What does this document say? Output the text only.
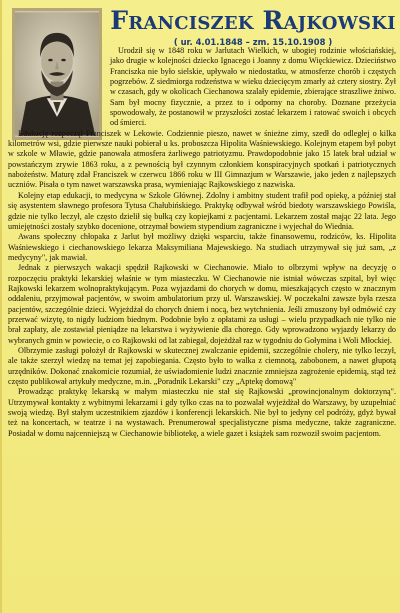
Franciszek Rajkowski
( ur. 4.01.1848 – zm. 15.10.1908 )

Urodził się w 1848 roku w Jarlutach Wielkich, w ubogiej rodzinie włościańskiej, jako drugie w kolejności dziecko Ignacego i Joanny z domu Więckiewicz. Dzieciństwo Franciszka nie było sielskie, upływało w niedostatku, w atmosferze chorób i częstych pogrzebów. Z siedmiorga rodzeństwa w wieku dziecięcym zmarły aż cztery siostry. Żył w czasach, gdy w okolicach Ciechanowa szalały epidemie, zbierające straszliwe żniwo. Sam był mocny fizycznie, a przez to i odporny na choroby. Doznane przeżycia spowodowały, że postanowił w przyszłości zostać lekarzem i ratować swoich i obcych od śmierci.

Edukację rozpoczął Franciszek w Lekowie. Codziennie pieszo, nawet w śnieżne zimy, szedł do odległej o kilka kilometrów wsi, gdzie pierwsze nauki pobierał u ks. proboszcza Hipolita Waśniewskiego. Kolejnym etapem był pobyt w szkole w Mławie, gdzie panowała atmosfera żarliwego patriotyzmu. Prawdopodobnie jako 15 latek brał udział w powstańczym zrywie 1863 roku, a z pewnością był czynnym członkiem konspiracyjnych spotkań i patriotycznych nabożeństw. Maturę zdał Franciszek w czerwcu 1866 roku w III Gimnazjum w Warszawie, jako jeden z najlepszych uczniów. Pisała o tym nawet warszawska prasa, wymieniając Rajkowskiego z nazwiska.

Kolejny etap edukacji, to medycyna w Szkole Głównej. Zdolny i ambitny student trafił pod opiekę, a później stał się asystentem sławnego profesora Tytusa Chałubińskiego. Praktykę odbywał wśród biedoty warszawskiego Powiśla, gdzie nie tylko leczył, ale często dzielił się bułką czy kopiejkami z pacjentami. Lekarzem został mając 22 lata. Jego umiejętności zostały szybko docenione, otrzymał bowiem stypendium zagraniczne i wyjechał do Wiednia.

Awans społeczny chłopaka z Jarlut był możliwy dzięki wsparciu, także finansowemu, rodziców, ks. Hipolita Waśniewskiego i ciechanowskiego lekarza Maksymiliana Majewskiego. Na studiach utrzymywał się już sam, „z medycyny", jak mawiał.

Jednak z pierwszych wakacji spędził Rajkowski w Ciechanowie. Miało to olbrzymi wpływ na decyzję o rozpoczęciu praktyki lekarskiej właśnie w tym miasteczku. W Ciechanowie nie istniał wówczas szpital, był więc Rajkowski lekarzem wolnopraktykującym. Poza wyjazdami do chorych w domu, mieszkających często w znacznym oddaleniu, przyjmował pacjentów, w swoim ambulatorium przy ul. Warszawskiej. W poczekalni zawsze była rzesza pacjentów, szczególnie dzieci. Wyjeżdżał do chorych dniem i nocą, bez wytchnienia. Jeśli zmuszony był odmówić czy przerwać wizytę, to nigdy ludziom biednym. Podobnie było z opłatami za usługi – wielu przypadkach nie tylko nie brał zapłaty, ale zostawiał pieniądze na lekarstwa i wyżywienie dla chorego. Gdy wprowadzono wyjazdy lekarzy do wybranych gmin w powiecie, o co Rajkowski od lat zabiegał, dojeżdżał raz w tygodniu do Gołymina i Woli Młockiej.

Olbrzymie zasługi położył dr Rajkowski w skutecznej zwalczanie epidemii, szczególnie cholery, nie tylko leczył, ale także szerzył wiedzę na temat jej zapobiegania. Często było to walka z ciemnotą, zabobonem, a nawet głupotą urzędników. Dokonać znakomicie rozumiał, że uświadomienie ludzi znacznie zmniejsza zagrożenie epidemią, stąd też często publikował artykuły medyczne, m.in. „Poradnik Lekarski" czy „Aptekę domową"

Prowadząc praktykę lekarską w małym miasteczku nie stał się Rajkowski „prowincjonalnym doktorzyną". Utrzymywał kontakty z wybitnymi lekarzami i gdy tylko czas na to pozwalał wyjeżdżał do Warszawy, by uzupełniać swoją wiedzę. Był stałym uczestnikiem zjazdów i konferencji lekarskich. Nie był to jedyny cel podróży, gdyż bywał też na koncertach, w teatrze i na wystawach. Prenumerował specjalistyczne pisma medyczne, także zagraniczne. Posiadał w domu najcenniejszą w Ciechanowie bibliotekę, a wiele gazet i książek sam rozwoził swoim pacjentom.
